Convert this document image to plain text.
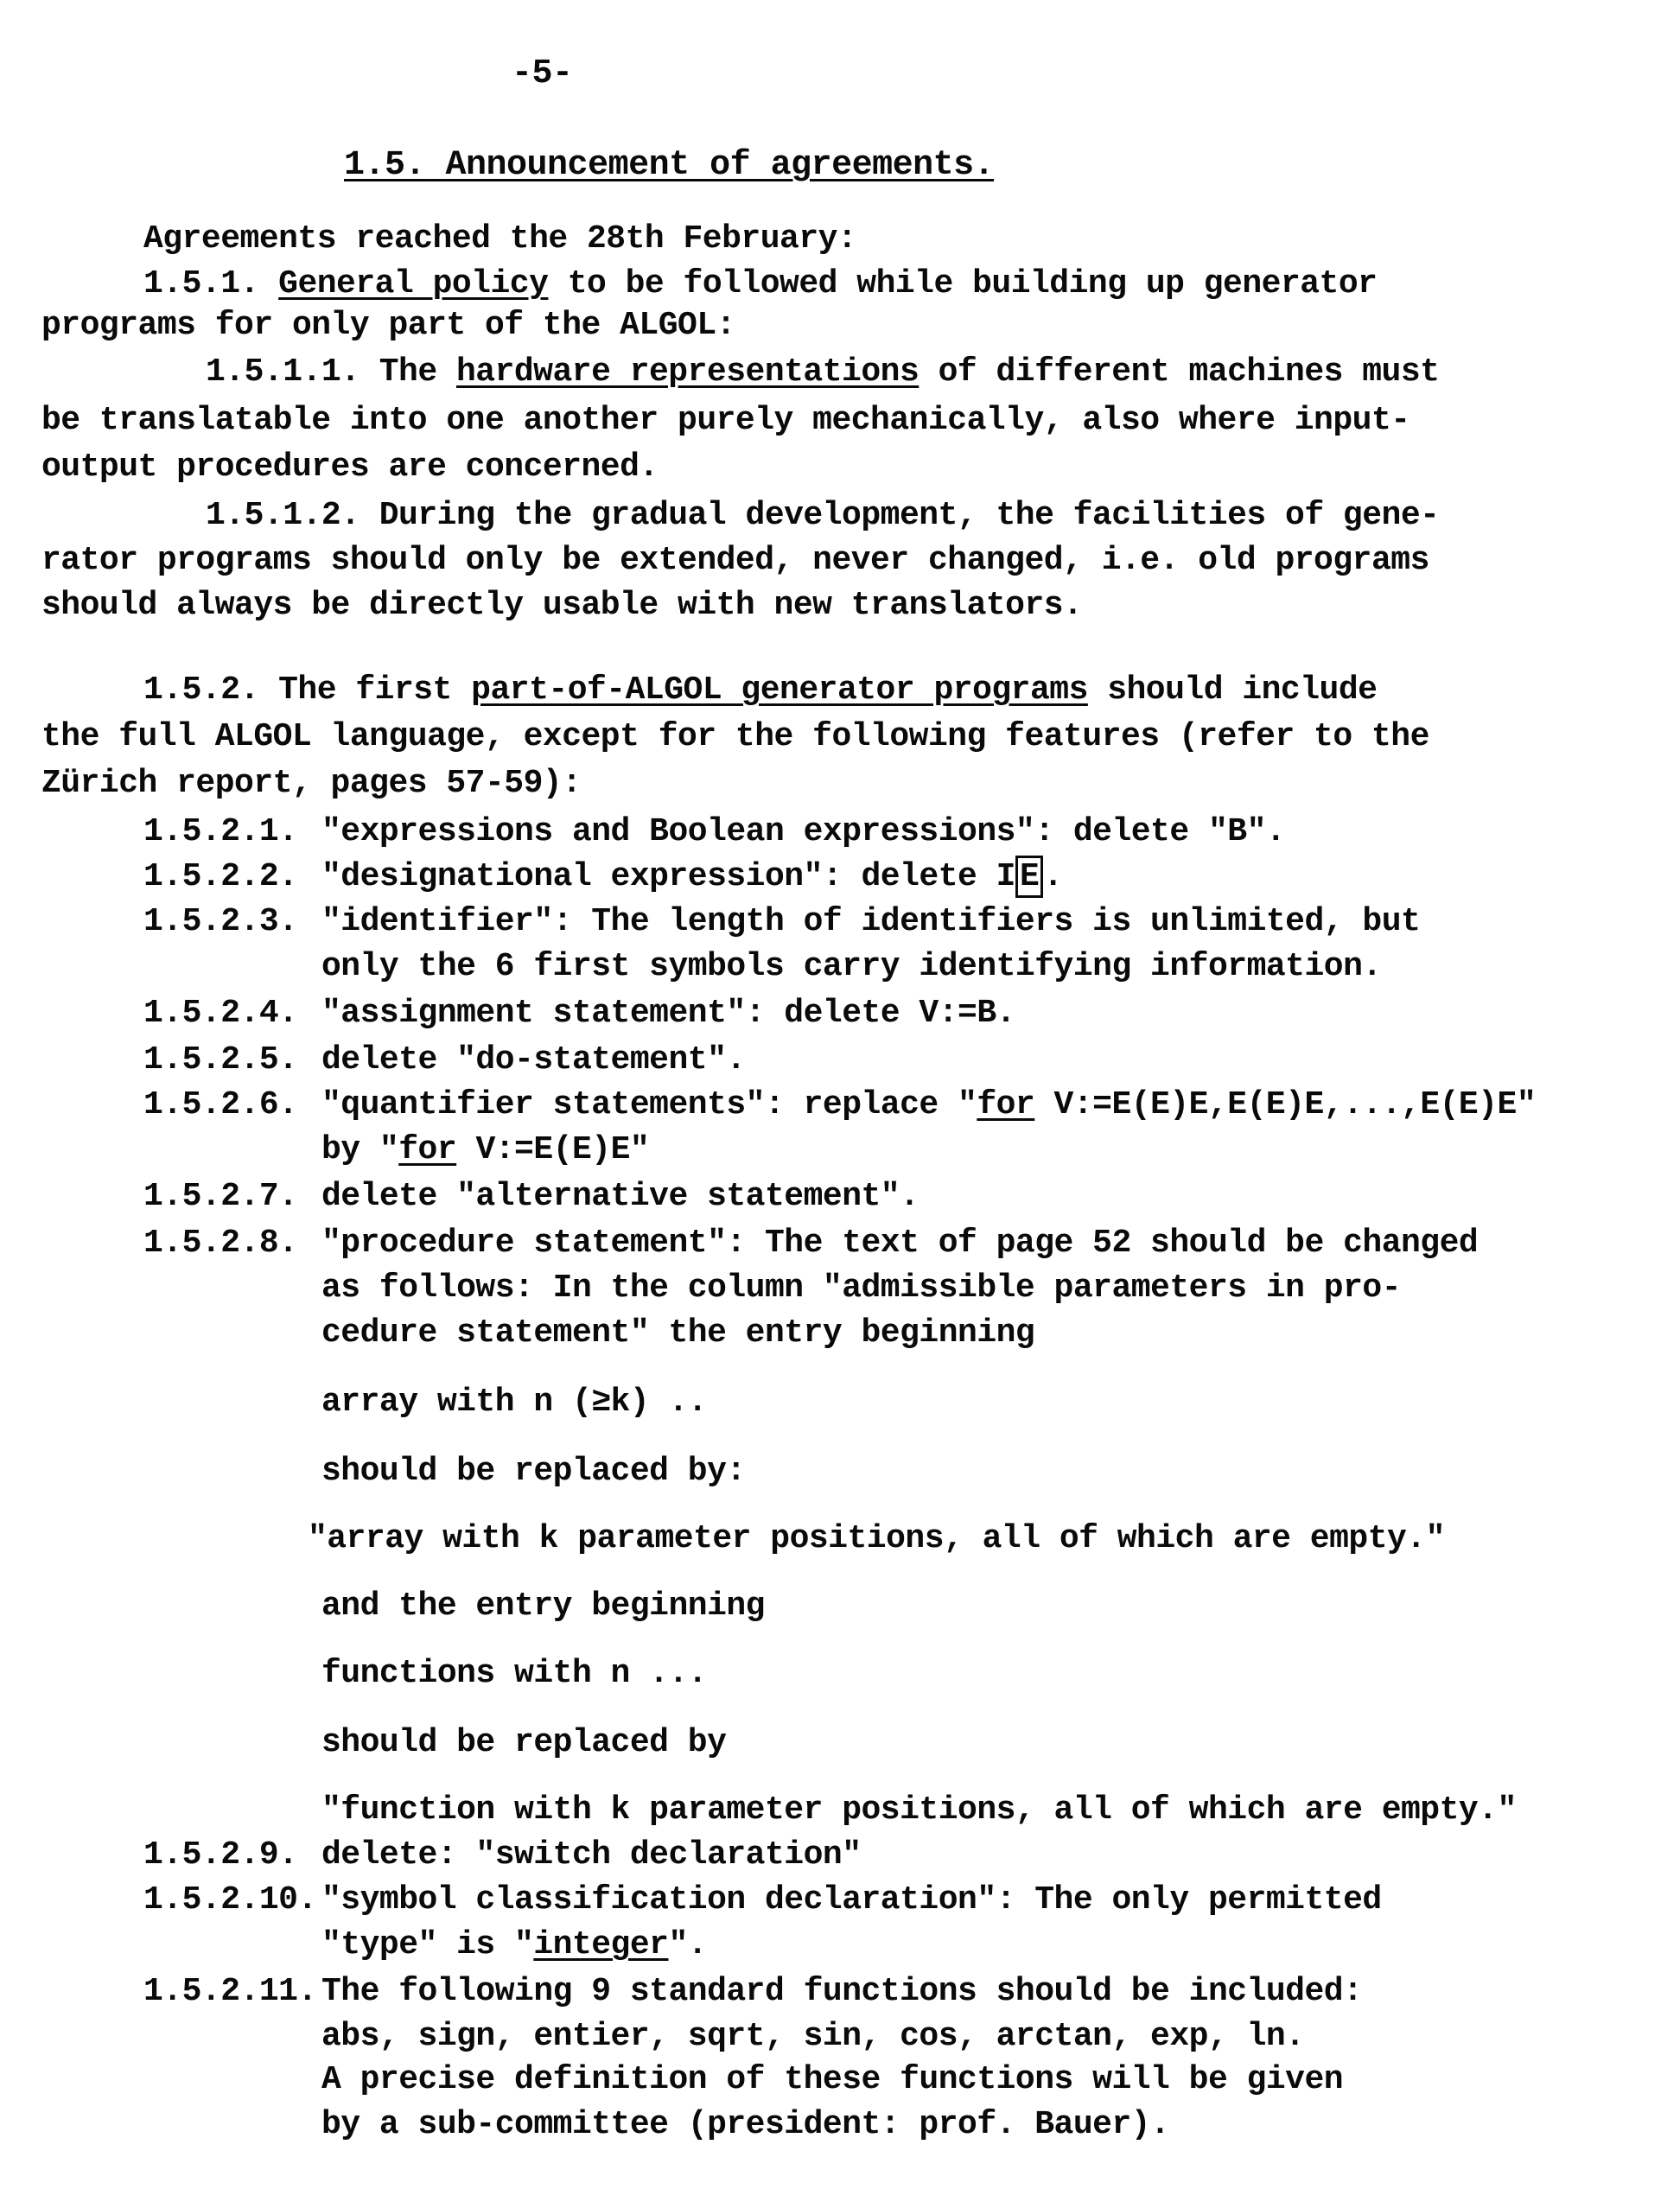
-5-
1.5. Announcement of agreements.
Agreements reached the 28th February:
1.5.1. General policy to be followed while building up generator
programs for only part of the ALGOL:
1.5.1.1. The hardware representations of different machines must
be translatable into one another purely mechanically, also where input-
output procedures are concerned.
1.5.1.2. During the gradual development, the facilities of gene-
rator programs should only be extended, never changed, i.e. old programs
should always be directly usable with new translators.
1.5.2. The first part-of-ALGOL generator programs should include
the full ALGOL language, except for the following features (refer to the
Zürich report, pages 57-59):
1.5.2.1. "expressions and Boolean expressions": delete "B".
1.5.2.2. "designational expression": delete I E .
1.5.2.3. "identifier": The length of identifiers is unlimited, but
only the 6 first symbols carry identifying information.
1.5.2.4. "assignment statement": delete V:=B.
1.5.2.5. delete "do-statement".
1.5.2.6. "quantifier statements": replace "for V:=E(E)E,E(E)E,...,E(E)E"
by "for V:=E(E)E"
1.5.2.7. delete "alternative statement".
1.5.2.8. "procedure statement": The text of page 52 should be changed
as follows: In the column "admissible parameters in pro-
cedure statement" the entry beginning
array with n (≥k) ..
should be replaced by:
"array with k parameter positions, all of which are empty."
and the entry beginning
functions with n ...
should be replaced by
"function with k parameter positions, all of which are empty."
1.5.2.9. delete: "switch declaration"
1.5.2.10. "symbol classification declaration": The only permitted
"type" is "integer".
1.5.2.11. The following 9 standard functions should be included:
abs, sign, entier, sqrt, sin, cos, arctan, exp, ln.
A precise definition of these functions will be given
by a sub-committee (president: prof. Bauer).
